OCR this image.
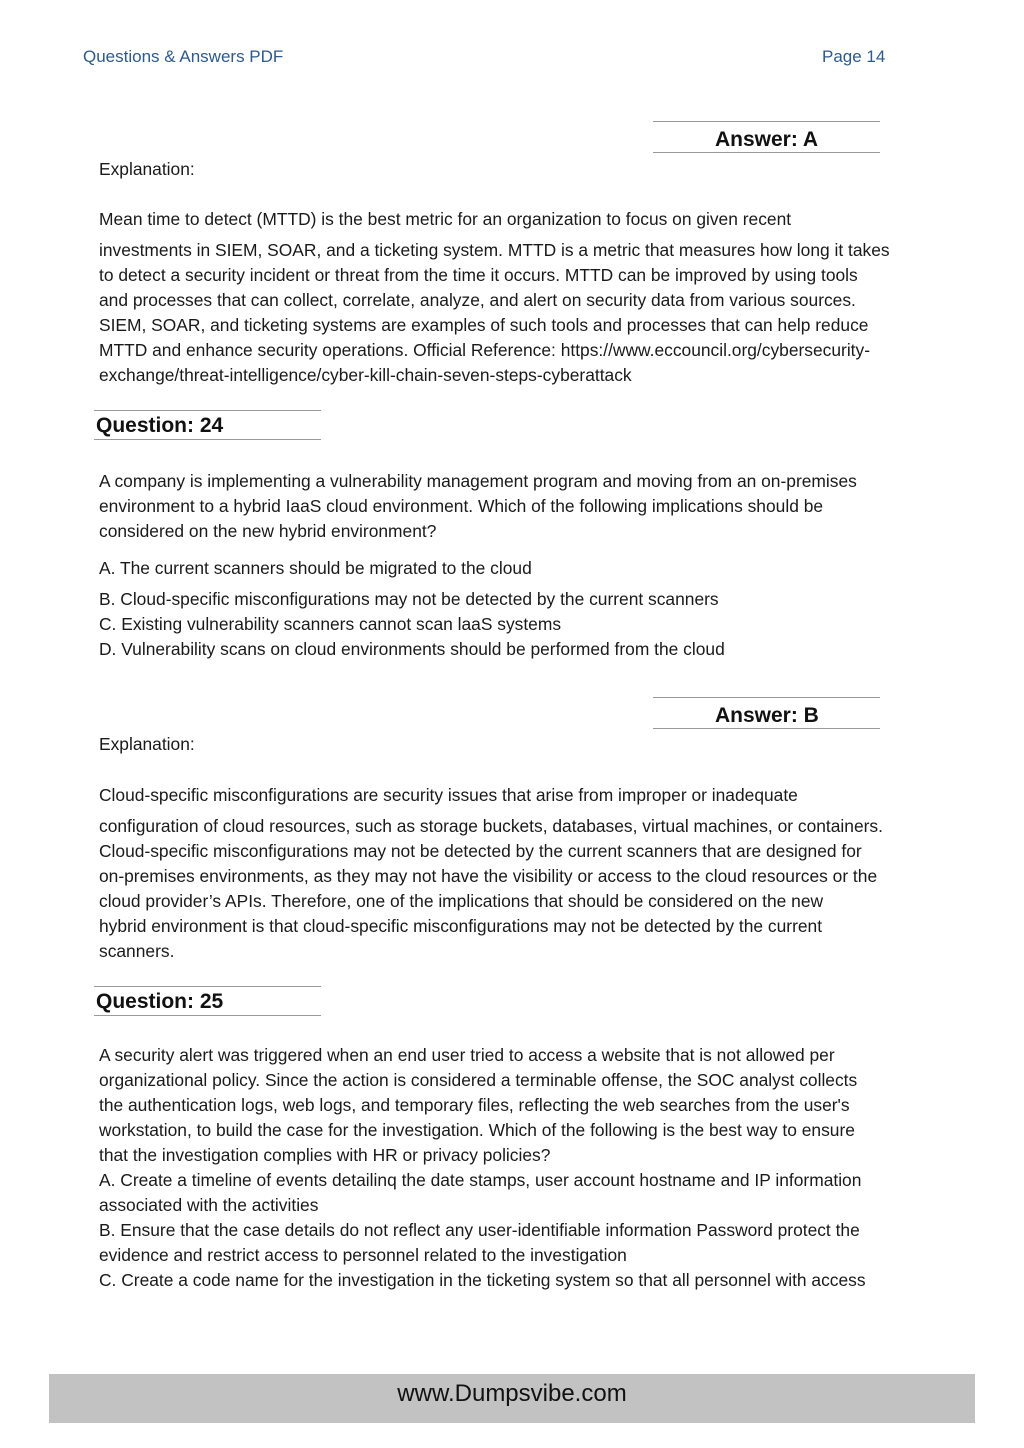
Questions & Answers PDF	Page 14
Answer: A
Explanation:
Mean time to detect (MTTD) is the best metric for an organization to focus on given recent
investments in SIEM, SOAR, and a ticketing system. MTTD is a metric that measures how long it takes
to detect a security incident or threat from the time it occurs. MTTD can be improved by using tools
and processes that can collect, correlate, analyze, and alert on security data from various sources.
SIEM, SOAR, and ticketing systems are examples of such tools and processes that can help reduce
MTTD and enhance security operations. Official Reference: https://www.eccouncil.org/cybersecurity-
exchange/threat-intelligence/cyber-kill-chain-seven-steps-cyberattack
Question: 24
A company is implementing a vulnerability management program and moving from an on-premises
environment to a hybrid IaaS cloud environment. Which of the following implications should be
considered on the new hybrid environment?
A. The current scanners should be migrated to the cloud
B. Cloud-specific misconfigurations may not be detected by the current scanners
C. Existing vulnerability scanners cannot scan laaS systems
D. Vulnerability scans on cloud environments should be performed from the cloud
Answer: B
Explanation:
Cloud-specific misconfigurations are security issues that arise from improper or inadequate
configuration of cloud resources, such as storage buckets, databases, virtual machines, or containers.
Cloud-specific misconfigurations may not be detected by the current scanners that are designed for
on-premises environments, as they may not have the visibility or access to the cloud resources or the
cloud provider’s APIs. Therefore, one of the implications that should be considered on the new
hybrid environment is that cloud-specific misconfigurations may not be detected by the current
scanners.
Question: 25
A security alert was triggered when an end user tried to access a website that is not allowed per
organizational policy. Since the action is considered a terminable offense, the SOC analyst collects
the authentication logs, web logs, and temporary files, reflecting the web searches from the user's
workstation, to build the case for the investigation. Which of the following is the best way to ensure
that the investigation complies with HR or privacy policies?
A. Create a timeline of events detailinq the date stamps, user account hostname and IP information
associated with the activities
B. Ensure that the case details do not reflect any user-identifiable information Password protect the
evidence and restrict access to personnel related to the investigation
C. Create a code name for the investigation in the ticketing system so that all personnel with access
www.Dumpsvibe.com
